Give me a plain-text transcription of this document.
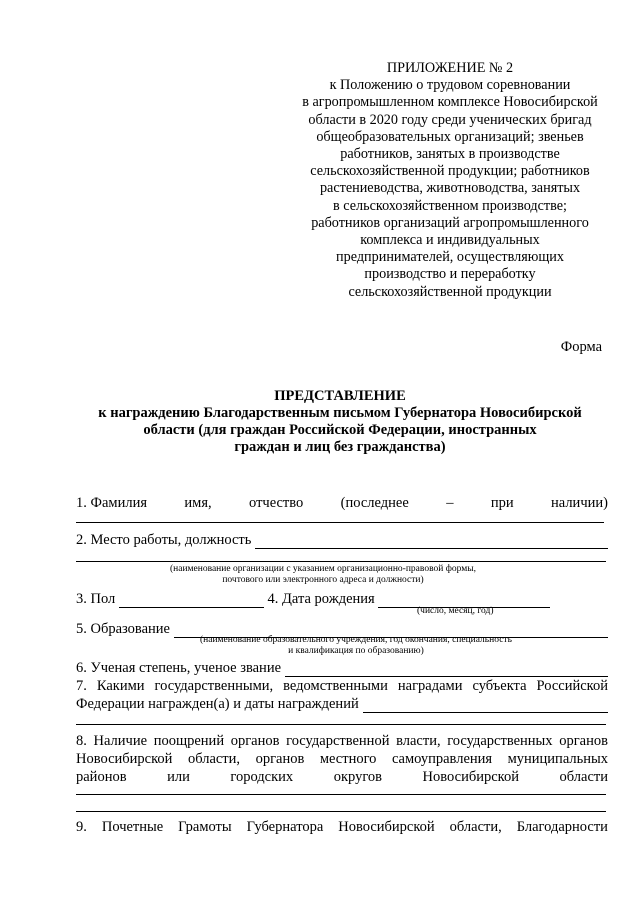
ПРИЛОЖЕНИЕ № 2
к Положению о трудовом соревновании
в агропромышленном комплексе Новосибирской
области в 2020 году среди ученических бригад
общеобразовательных организаций; звеньев
работников, занятых в производстве
сельскохозяйственной продукции; работников
растениеводства, животноводства, занятых
в сельскохозяйственном производстве;
работников организаций агропромышленного
комплекса и индивидуальных
предпринимателей, осуществляющих
производство и переработку
сельскохозяйственной продукции
Форма
ПРЕДСТАВЛЕНИЕ
к награждению Благодарственным письмом Губернатора Новосибирской
области (для граждан Российской Федерации, иностранных
граждан и лиц без гражданства)
1. Фамилия	имя,	отчество	(последнее	–	при	наличии)
2. Место работы, должность
(наименование организации с указанием организационно-правовой формы,
почтового или электронного адреса и должности)
3. Пол	4. Дата рождения
(число, месяц, год)
5. Образование
(наименование образовательного учреждения, год окончания, специальность
и квалификация по образованию)
6. Ученая степень, ученое звание
7. Какими государственными, ведомственными наградами субъекта Российской
Федерации награжден(а) и даты награждений
8. Наличие поощрений органов государственной власти, государственных органов
Новосибирской области, органов местного самоуправления муниципальных
районов	или	городских	округов	Новосибирской	области
9. Почетные Грамоты Губернатора Новосибирской области, Благодарности
